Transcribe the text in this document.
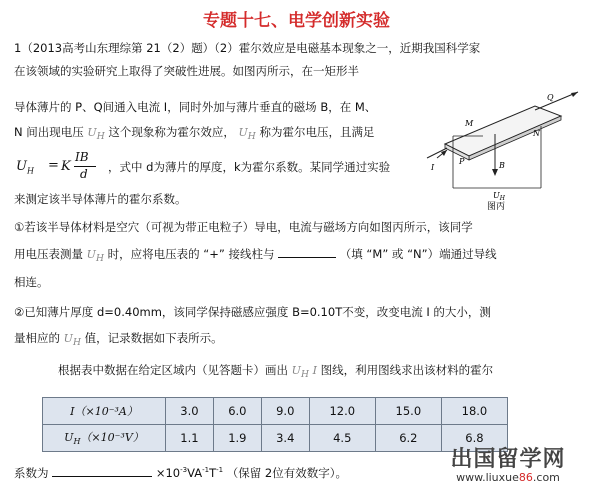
专题十七、电学创新实验
1（2013高考山东理综第 21（2）题）（2）霍尔效应是电磁基本现象之一，近期我国科学家
在该领域的实验研究上取得了突破性进展。如图丙所示，在一矩形半
导体薄片的 P、Q间通入电流 I，同时外加与薄片垂直的磁场 B，在 M、
N 间出现电压 $U_H$ 这个现象称为霍尔效应， $U_H$ 称为霍尔电压，且满足
$U_H = K$
IB
d ，式中 d为薄片的厚度，k为霍尔系数。某同学通过实验
来测定该半导体薄片的霍尔系数。
①若该半导体材料是空穴（可视为带正电粒子）导电，电流与磁场方向如图丙所示，该同学
用电压表测量 $U_H$ 时，应将电压表的 “+” 接线柱与	（填 “M” 或 “N”）端通过导线
相连。
②已知薄片厚度 d=0.40mm，该同学保持磁感应强度 B=0.10T不变，改变电流 I 的大小，测
量相应的 $U_H$ 值，记录数据如下表所示。
根据表中数据在给定区域内（见答题卡）画出 $U_H$ I 图线，利用图线求出该材料的霍尔
I（×10⁻³A）	3.0	6.0	9.0	12.0	15.0	18.0
$U_H(\times 10^{-3}V)$	1.1	1.9	3.4	4.5	6.2	6.8
系数为	$\times 10^{-3}VA^{-1}T^{-1}$ （保留 2位有效数字）。
Q
M
N
P
I	B
$U_H$
图丙
出国留学网
www.liuxue86.com
